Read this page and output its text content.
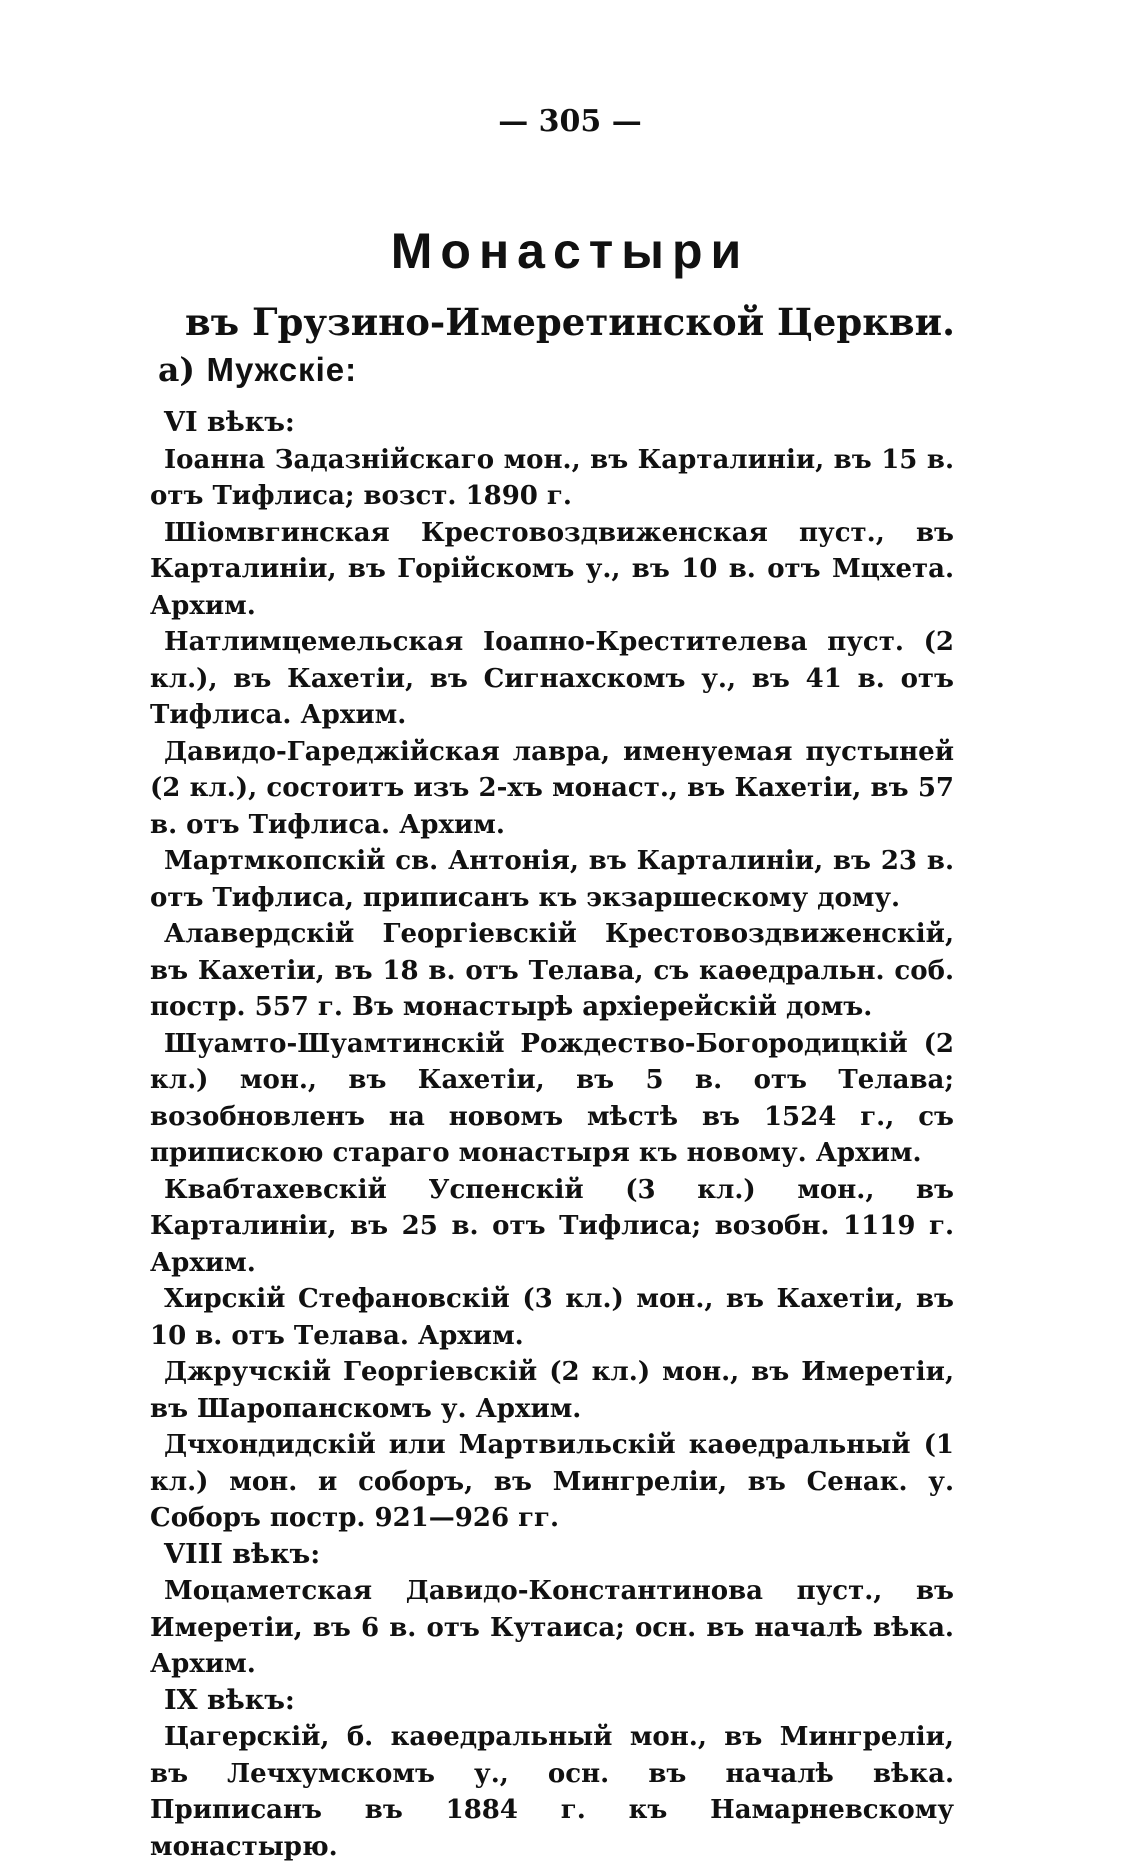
— 305 —
Монастыри
въ Грузино-Имеретинской Церкви.
а) Мужскіе:
VI вѣкъ:
Іоанна Задазнійскаго мон., въ Карталиніи, въ 15 в. отъ Тифлиса; возст. 1890 г.
Шіомвгинская Крестовоздвиженская пуст., въ Карталиніи, въ Горійскомъ у., въ 10 в. отъ Мцхета. Архим.
Натлимцемельская Іоапно-Крестителева пуст. (2 кл.), въ Кахетіи, въ Сигнахскомъ у., въ 41 в. отъ Тифлиса. Архим.
Давидо-Гареджійская лавра, именуемая пустыней (2 кл.), состоитъ изъ 2-хъ монаст., въ Кахетіи, въ 57 в. отъ Тифлиса. Архим.
Мартмкопскій св. Антонія, въ Карталиніи, въ 23 в. отъ Тифлиса, приписанъ къ экзаршескому дому.
Алавердскій Георгіевскій Крестовоздвиженскій, въ Кахетіи, въ 18 в. отъ Телава, съ каѳедральн. соб. постр. 557 г. Въ монастырѣ архіерейскій домъ.
Шуамто-Шуамтинскій Рождество-Богородицкій (2 кл.) мон., въ Кахетіи, въ 5 в. отъ Телава; возобновленъ на новомъ мѣстѣ въ 1524 г., съ припискою стараго монастыря къ новому. Архим.
Квабтахевскій Успенскій (3 кл.) мон., въ Карталиніи, въ 25 в. отъ Тифлиса; возобн. 1119 г. Архим.
Хирскій Стефановскій (3 кл.) мон., въ Кахетіи, въ 10 в. отъ Телава. Архим.
Джручскій Георгіевскій (2 кл.) мон., въ Имеретіи, въ Шаропанскомъ у. Архим.
Дчхондидскій или Мартвильскій каѳедральный (1 кл.) мон. и соборъ, въ Мингреліи, въ Сенак. у. Соборъ постр. 921—926 гг.
VIII вѣкъ:
Моцаметская Давидо-Константинова пуст., въ Имеретіи, въ 6 в. отъ Кутаиса; осн. въ началѣ вѣка. Архим.
IX вѣкъ:
Цагерскій, б. каѳедральный мон., въ Мингреліи, въ Лечхумскомъ у., осн. въ началѣ вѣка. Приписанъ въ 1884 г. къ Намарневскому монастырю.
